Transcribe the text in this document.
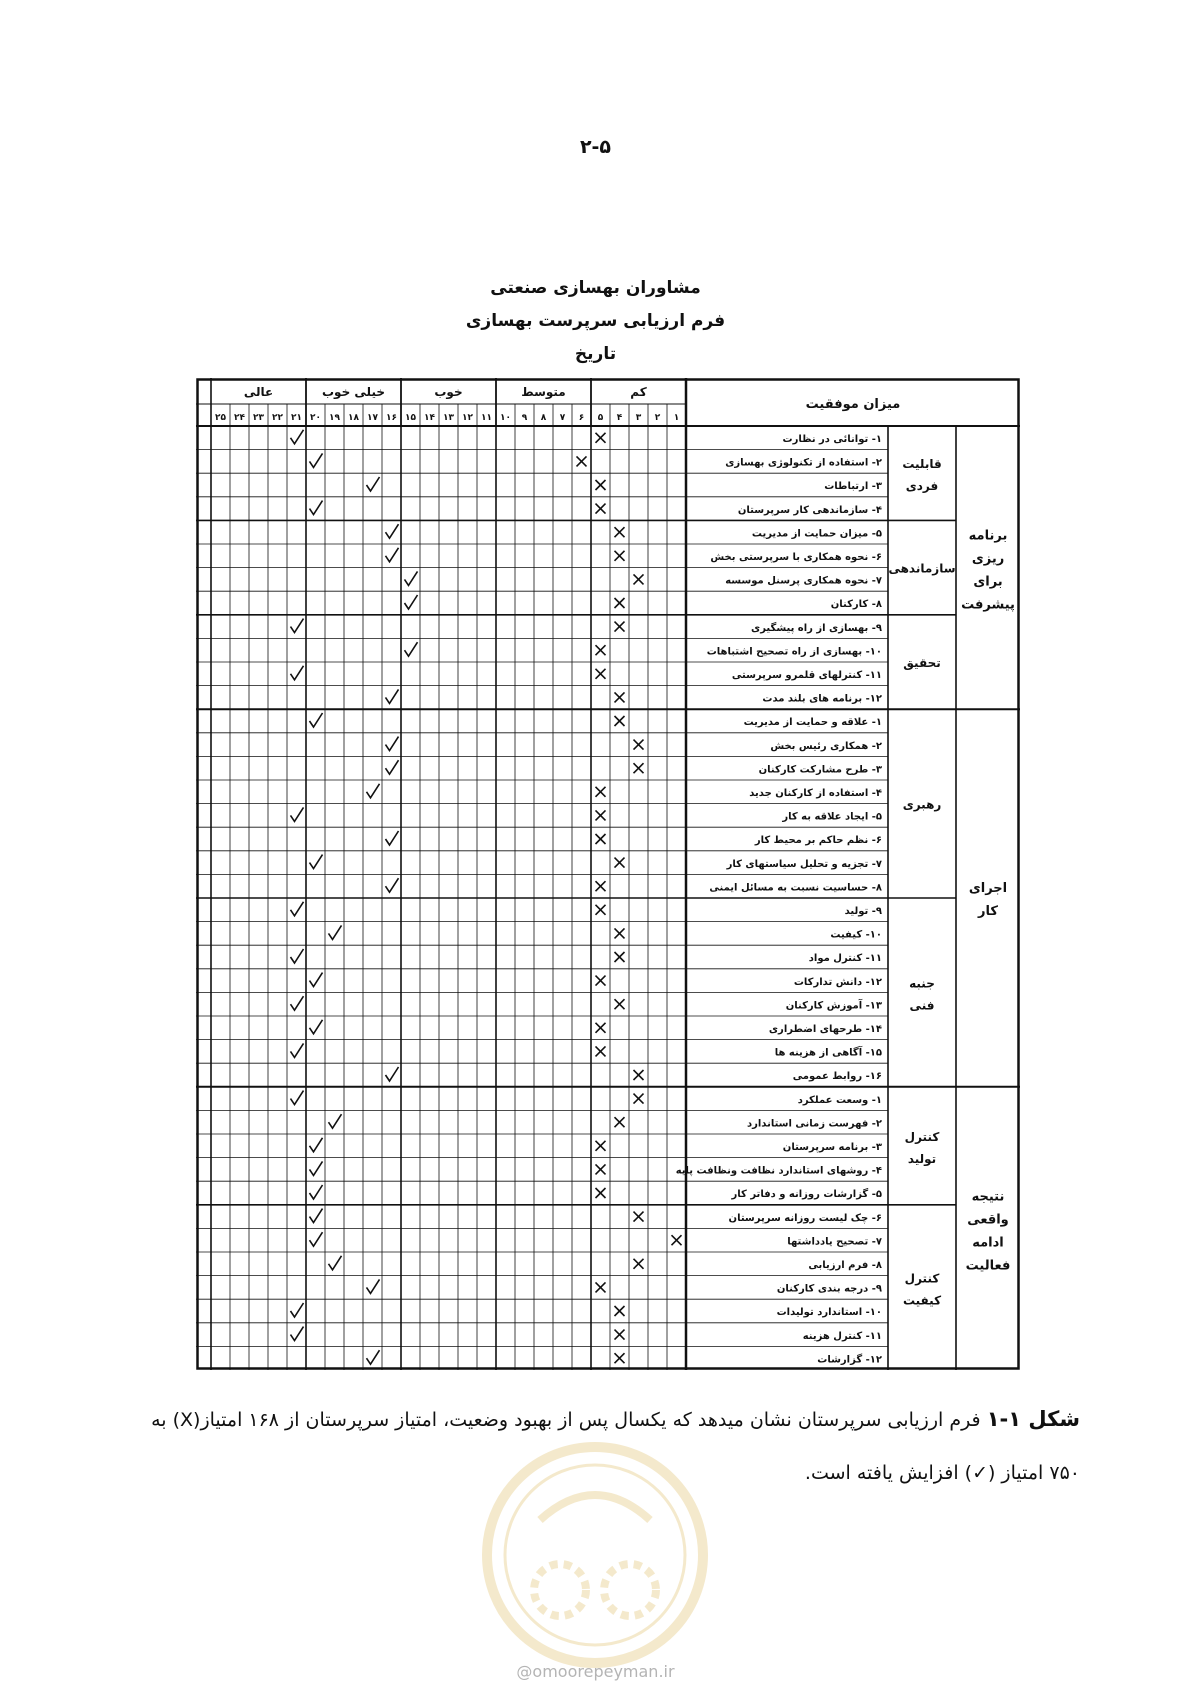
۲-۵
مشاوران بهسازی صنعتی
فرم ارزیابی سرپرست بهسازی
تاریخ
کم
متوسط
خوب
خیلی خوب
عالی
۱
۲
۳
۴
۵
۶
۷
۸
۹
۱۰
۱۱
۱۲
۱۳
۱۴
۱۵
۱۶
۱۷
۱۸
۱۹
۲۰
۲۱
۲۲
۲۳
۲۴
۲۵
میزان موفقیت
۱- توانائی در نظارت
۲- استفاده از تکنولوژی بهسازی
۳- ارتباطات
۴- سازماندهی کار سرپرستان
قابلیت
فردی
۵- میزان حمایت از مدیریت
۶- نحوه همکاری با سرپرستی بخش
۷- نحوه همکاری پرسنل موسسه
۸- کارکنان
سازماندهی
۹- بهسازی از راه پیشگیری
۱۰- بهسازی از راه تصحیح اشتباهات
۱۱- کنترلهای قلمرو سرپرستی
۱۲- برنامه های بلند مدت
تحقیق
برنامه
ریزی
برای
پیشرفت
۱- علاقه و حمایت از مدیریت
۲- همکاری رئیس بخش
۳- طرح مشارکت کارکنان
۴- استفاده از کارکنان جدید
۵- ایجاد علاقه به کار
۶- نظم حاکم بر محیط کار
۷- تجزیه و تحلیل سیاستهای کار
۸- حساسیت نسبت به مسائل ایمنی
رهبری
۹- تولید
۱۰- کیفیت
۱۱- کنترل مواد
۱۲- دانش تدارکات
۱۳- آموزش کارکنان
۱۴- طرحهای اضطراری
۱۵- آگاهی از هزینه ها
۱۶- روابط عمومی
جنبه
فنی
اجرای
کار
۱- وسعت عملکرد
۲- فهرست زمانی استاندارد
۳- برنامه سرپرستان
۴- روشهای استاندارد نظافت ونظافت پایه
۵- گزارشات روزانه و دفاتر کار
کنترل
تولید
۶- چک لیست روزانه سرپرستان
۷- تصحیح یادداشتها
۸- فرم ارزیابی
۹- درجه بندی کارکنان
۱۰- استاندارد تولیدات
۱۱- کنترل هزینه
۱۲- گزارشات
کنترل
کیفیت
نتیجه
واقعی
ادامه
فعالیت
شکل ۱-۱ فرم ارزیابی سرپرستان نشان میدهد که یکسال پس از بهبود وضعیت، امتیاز سرپرستان از ۱۶۸ امتیاز(X) به
۷۵۰ امتیاز (✓) افزایش یافته است.
@omoorepeyman.ir
